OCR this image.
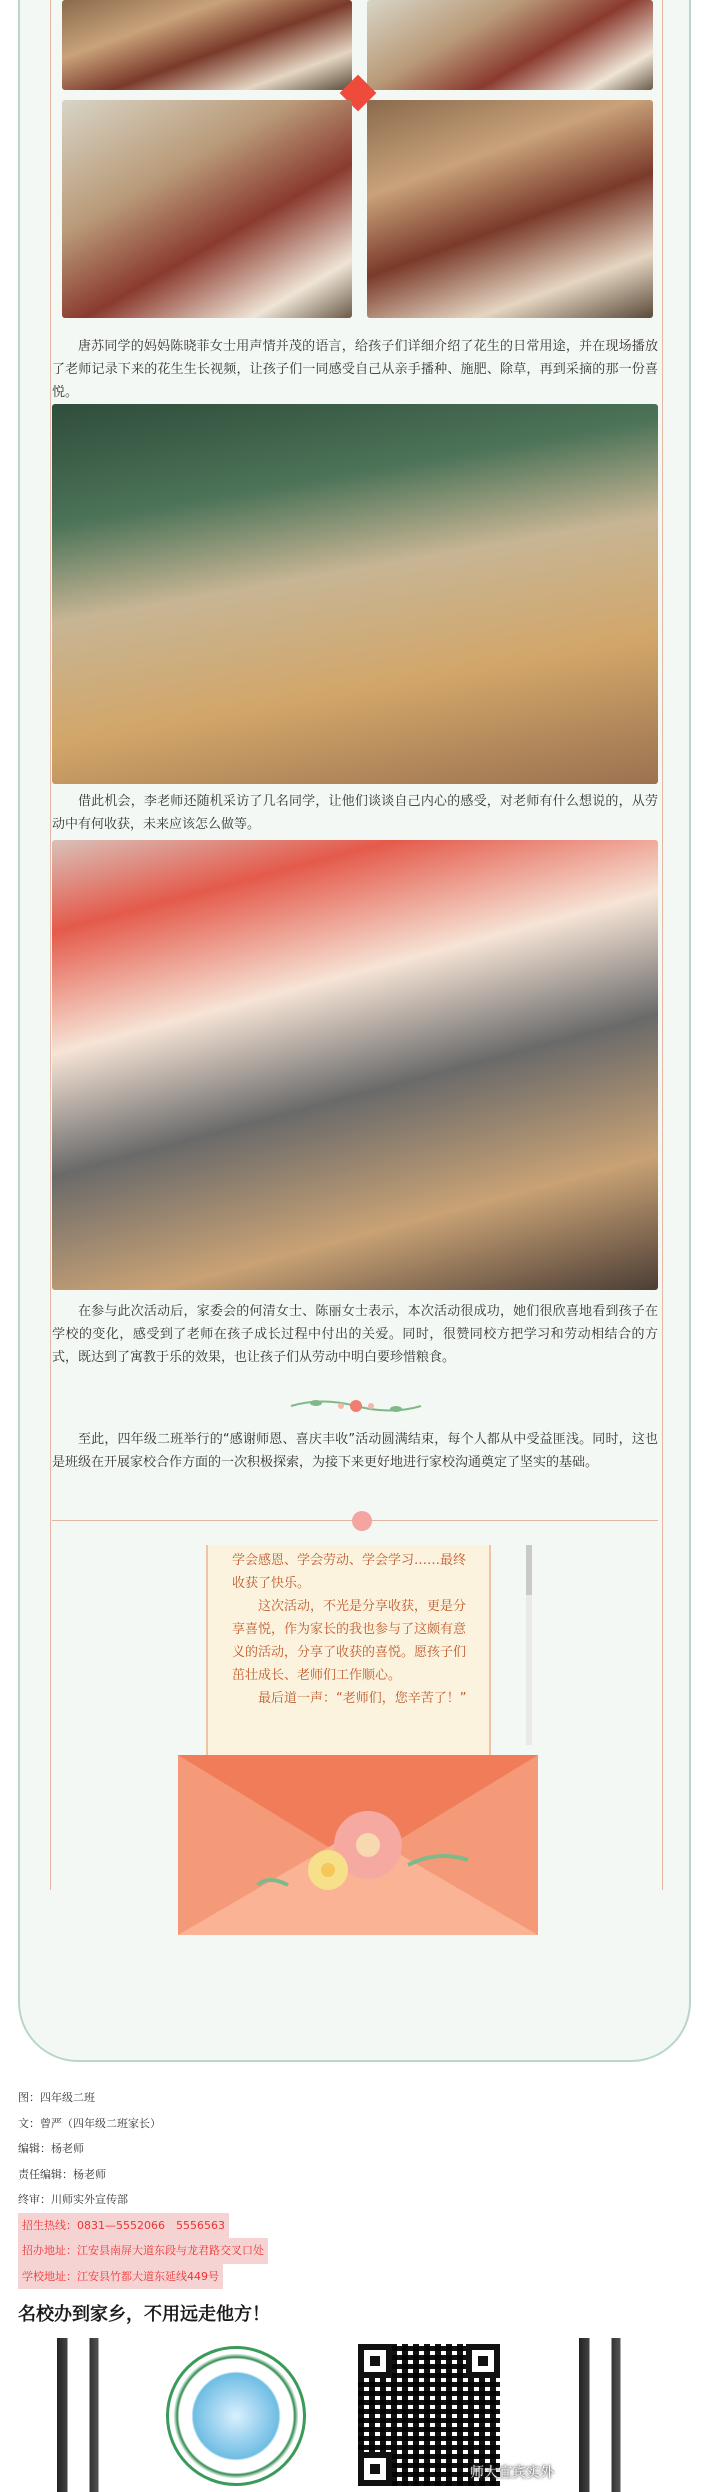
唐苏同学的妈妈陈晓菲女士用声情并茂的语言，给孩子们详细介绍了花生的日常用途，并在现场播放了老师记录下来的花生生长视频，让孩子们一同感受自己从亲手播种、施肥、除草，再到采摘的那一份喜悦。

借此机会，李老师还随机采访了几名同学，让他们谈谈自己内心的感受，对老师有什么想说的，从劳动中有何收获，未来应该怎么做等。

在参与此次活动后，家委会的何清女士、陈丽女士表示，本次活动很成功，她们很欣喜地看到孩子在学校的变化，感受到了老师在孩子成长过程中付出的关爱。同时，很赞同校方把学习和劳动相结合的方式，既达到了寓教于乐的效果，也让孩子们从劳动中明白要珍惜粮食。

至此，四年级二班举行的“感谢师恩、喜庆丰收”活动圆满结束，每个人都从中受益匪浅。同时，这也是班级在开展家校合作方面的一次积极探索，为接下来更好地进行家校沟通奠定了坚实的基础。

学会感恩、学会劳动、学会学习……最终收获了快乐。

这次活动，不光是分享收获，更是分享喜悦，作为家长的我也参与了这颇有意义的活动，分享了收获的喜悦。愿孩子们茁壮成长、老师们工作顺心。

最后道一声：“老师们，您辛苦了！”

图：四年级二班
文：曾严（四年级二班家长）
编辑：杨老师
责任编辑：杨老师
终审：川师实外宣传部
招生热线：0831—5552066　5556563
招办地址：江安县南屏大道东段与龙君路交叉口处
学校地址：江安县竹都大道东延线449号
名校办到家乡，不用远走他方！
师大宜宾实外
